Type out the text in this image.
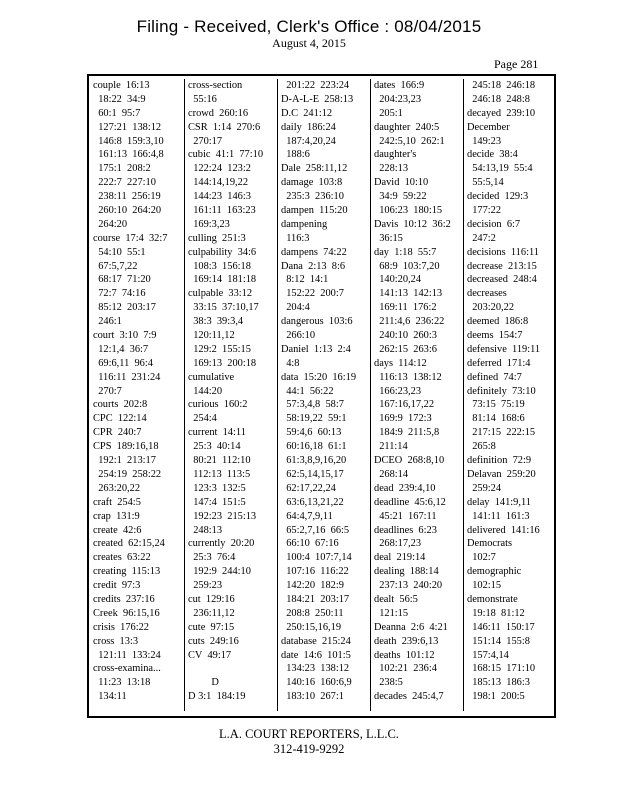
Filing - Received, Clerk's Office : 08/04/2015
August 4, 2015
Page 281
couple  16:13
18:22  34:9
60:1  95:7
127:21  138:12
146:8  159:3,10
161:13  166:4,8
175:1  208:2
222:7  227:10
238:11  256:19
260:10  264:20
264:20
course  17:4  32:7
54:10  55:1
67:5,7,22
68:17  71:20
72:7  74:16
85:12  203:17
246:1
court  3:10  7:9
12:1,4  36:7
69:6,11  96:4
116:11  231:24
270:7
courts  202:8
CPC  122:14
CPR  240:7
CPS  189:16,18
192:1  213:17
254:19  258:22
263:20,22
craft  254:5
crap  131:9
create  42:6
created  62:15,24
creates  63:22
creating  115:13
credit  97:3
credits  237:16
Creek  96:15,16
crisis  176:22
cross  13:3
121:11  133:24
cross-examina...
11:23  13:18
134:11
cross-section
55:16
crowd  260:16
CSR  1:14  270:6
270:17
cubic  41:1  77:10
122:24  123:2
144:14,19,22
144:23  146:3
161:11  163:23
169:3,23
culling  251:3
culpability  34:6
108:3  156:18
169:14  181:18
culpable  33:12
33:15  37:10,17
38:3  39:3,4
120:11,12
129:2  155:15
169:13  200:18
cumulative
144:20
curious  160:2
254:4
current  14:11
25:3  40:14
80:21  112:10
112:13  113:5
123:3  132:5
147:4  151:5
192:23  215:13
248:13
currently  20:20
25:3  76:4
192:9  244:10
259:23
cut  129:16
236:11,12
cute  97:15
cuts  249:16
CV  49:17
D
D 3:1  184:19
201:22  223:24
D-A-L-E  258:13
D.C  241:12
daily  186:24
187:4,20,24
188:6
Dale  258:11,12
damage  103:8
235:3  236:10
dampen  115:20
dampening
116:3
dampens  74:22
Dana  2:13  8:6
8:12  14:1
152:22  200:7
204:4
dangerous  103:6
266:10
Daniel  1:13  2:4
4:8
data  15:20  16:19
44:1  56:22
57:3,4,8  58:7
58:19,22  59:1
59:4,6  60:13
60:16,18  61:1
61:3,8,9,16,20
62:5,14,15,17
62:17,22,24
63:6,13,21,22
64:4,7,9,11
65:2,7,16  66:5
66:10  67:16
100:4  107:7,14
107:16  116:22
142:20  182:9
184:21  203:17
208:8  250:11
250:15,16,19
database  215:24
date  14:6  101:5
134:23  138:12
140:16  160:6,9
183:10  267:1
dates  166:9
204:23,23
205:1
daughter  240:5
242:5,10  262:1
daughter's
228:13
David  10:10
34:9  59:22
106:23  180:15
Davis  10:12  36:2
36:15
day  1:18  55:7
68:9  103:7,20
140:20,24
141:13  142:13
169:11  176:2
211:4,6  236:22
240:10  260:3
262:15  263:6
days  114:12
116:13  138:12
166:23,23
167:16,17,22
169:9  172:3
184:9  211:5,8
211:14
DCEO  268:8,10
268:14
dead  239:4,10
deadline  45:6,12
45:21  167:11
deadlines  6:23
268:17,23
deal  219:14
dealing  188:14
237:13  240:20
dealt  56:5
121:15
Deanna  2:6  4:21
death  239:6,13
deaths  101:12
102:21  236:4
238:5
decades  245:4,7
245:18  246:18
246:18  248:8
decayed  239:10
December
149:23
decide  38:4
54:13,19  55:4
55:5,14
decided  129:3
177:22
decision  6:7
247:2
decisions  116:11
decrease  213:15
decreased  248:4
decreases
203:20,22
deemed  186:8
deems  154:7
defensive  119:11
deferred  171:4
defined  74:7
definitely  73:10
73:15  75:19
81:14  168:6
217:15  222:15
265:8
definition  72:9
Delavan  259:20
259:24
delay  141:9,11
141:11  161:3
delivered  141:16
Democrats
102:7
demographic
102:15
demonstrate
19:18  81:12
146:11  150:17
151:14  155:8
157:4,14
168:15  171:10
185:13  186:3
198:1  200:5
L.A. COURT REPORTERS, L.L.C.
312-419-9292
